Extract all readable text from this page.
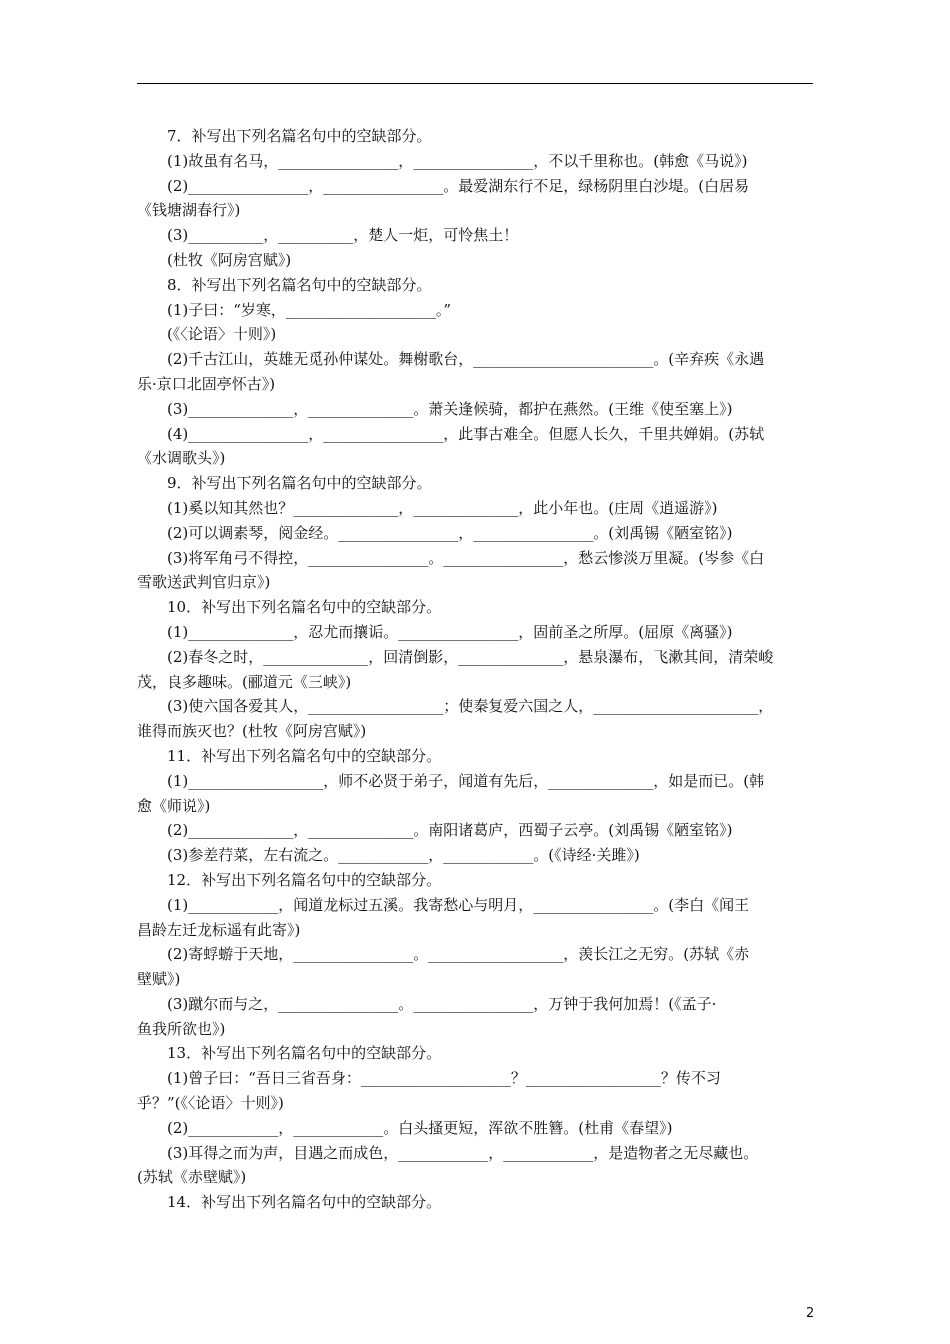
7．补写出下列名篇名句中的空缺部分。
(1)故虽有名马，________________，________________，不以千里称也。(韩愈《马说》)
(2)________________，________________。最爱湖东行不足，绿杨阴里白沙堤。(白居易
《钱塘湖春行》)
(3)__________，__________，楚人一炬，可怜焦土！
(杜牧《阿房宫赋》)
8．补写出下列名篇名句中的空缺部分。
(1)子曰：“岁寒，____________________。”
(《〈论语〉十则》)
(2)千古江山，英雄无觅孙仲谋处。舞榭歌台，________________________。(辛弃疾《永遇
乐·京口北固亭怀古》)
(3)______________，______________。萧关逢候骑，都护在燕然。(王维《使至塞上》)
(4)________________，________________，此事古难全。但愿人长久，千里共婵娟。(苏轼
《水调歌头》)
9．补写出下列名篇名句中的空缺部分。
(1)奚以知其然也？______________，______________，此小年也。(庄周《逍遥游》)
(2)可以调素琴，阅金经。________________，________________。(刘禹锡《陋室铭》)
(3)将军角弓不得控，________________。________________，愁云惨淡万里凝。(岑参《白
雪歌送武判官归京》)
10．补写出下列名篇名句中的空缺部分。
(1)______________，忍尤而攘诟。________________，固前圣之所厚。(屈原《离骚》)
(2)春冬之时，______________，回清倒影，______________，悬泉瀑布，飞漱其间，清荣峻
茂，良多趣味。(郦道元《三峡》)
(3)使六国各爱其人，__________________；使秦复爱六国之人，______________________，
谁得而族灭也？(杜牧《阿房宫赋》)
11．补写出下列名篇名句中的空缺部分。
(1)__________________，师不必贤于弟子，闻道有先后，______________，如是而已。(韩
愈《师说》)
(2)______________，______________。南阳诸葛庐，西蜀子云亭。(刘禹锡《陋室铭》)
(3)参差荇菜，左右流之。____________，____________。(《诗经·关雎》)
12．补写出下列名篇名句中的空缺部分。
(1)____________，闻道龙标过五溪。我寄愁心与明月，________________。(李白《闻王
昌龄左迁龙标遥有此寄》)
(2)寄蜉蝣于天地，________________。__________________，羡长江之无穷。(苏轼《赤
壁赋》)
(3)蹴尔而与之，________________。________________，万钟于我何加焉！(《孟子·
鱼我所欲也》)
13．补写出下列名篇名句中的空缺部分。
(1)曾子曰：“吾日三省吾身：____________________？__________________？传不习
乎？”(《〈论语〉十则》)
(2)____________，____________。白头搔更短，浑欲不胜簪。(杜甫《春望》)
(3)耳得之而为声，目遇之而成色，____________，____________，是造物者之无尽藏也。
(苏轼《赤壁赋》)
14．补写出下列名篇名句中的空缺部分。
2
